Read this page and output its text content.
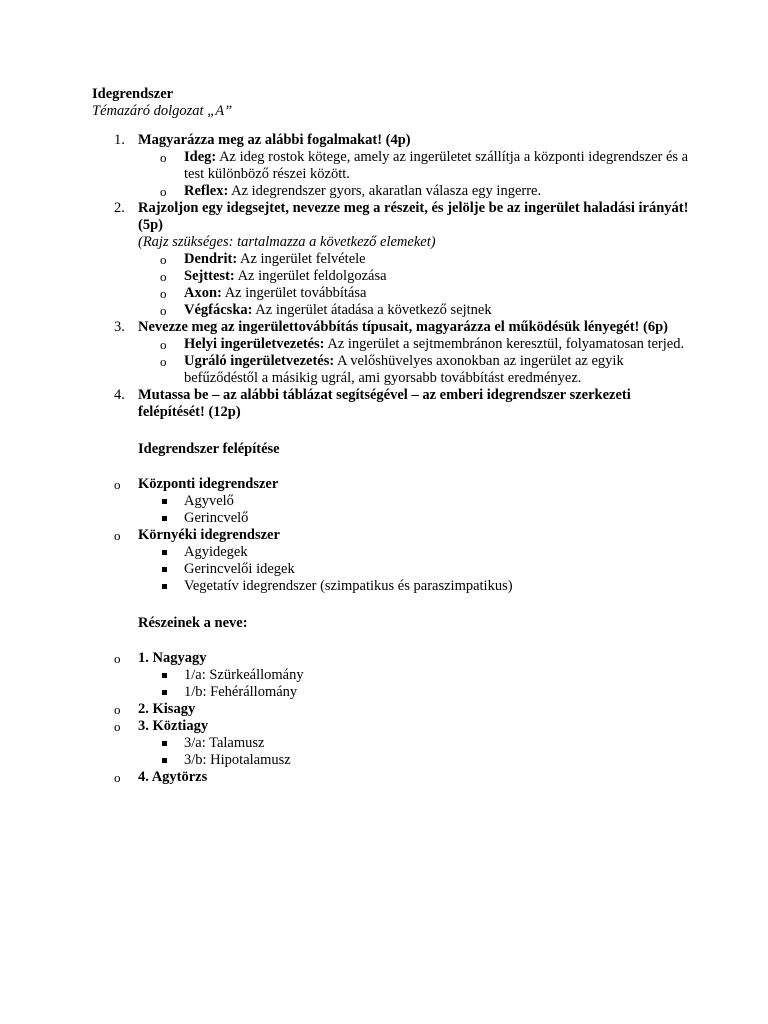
Idegrendszer
Témazáró dolgozat „A”
1. Magyarázza meg az alábbi fogalmakat! (4p)
o Ideg: Az ideg rostok kötege, amely az ingerületet szállítja a központi idegrendszer és a test különböző részei között.
o Reflex: Az idegrendszer gyors, akaratlan válasza egy ingerre.
2. Rajzoljon egy idegsejtet, nevezze meg a részeit, és jelölje be az ingerület haladási irányát! (5p)
(Rajz szükséges: tartalmazza a következő elemeket)
o Dendrit: Az ingerület felvétele
o Sejttest: Az ingerület feldolgozása
o Axon: Az ingerület továbbítása
o Végfácska: Az ingerület átadása a következő sejtnek
3. Nevezze meg az ingerülettovábbítás típusait, magyarázza el működésük lényegét! (6p)
o Helyi ingerületvezetés: Az ingerület a sejtmembránon keresztül, folyamatosan terjed.
o Ugráló ingerületvezetés: A velőshüvelyes axonokban az ingerület az egyik befűződéstől a másikig ugrál, ami gyorsabb továbbítást eredményez.
4. Mutassa be – az alábbi táblázat segítségével – az emberi idegrendszer szerkezeti felépítését! (12p)
Idegrendszer felépítése
o Központi idegrendszer
Agyvelő
Gerincvelő
o Környéki idegrendszer
Agyidegek
Gerincvelői idegek
Vegetatív idegrendszer (szimpatikus és paraszimpatikus)
Részeinek a neve:
o 1. Nagyagy
1/a: Szürkeállomány
1/b: Fehérállomány
o 2. Kisagy
o 3. Köztiagy
3/a: Talamusz
3/b: Hipotalamusz
o 4. Agytörzs
